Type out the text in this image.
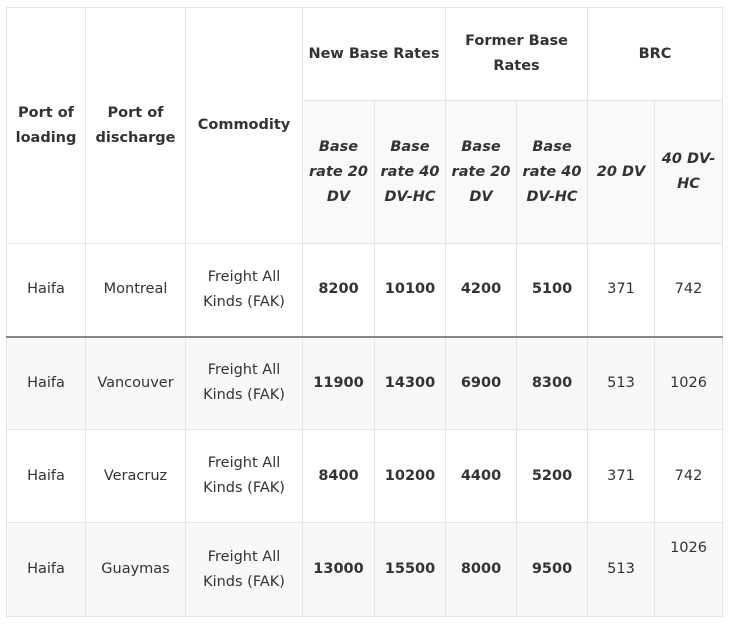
Port of loading	Port of discharge	Commodity	New Base Rates		Former Base Rates		BRC	
			Base rate 20 DV	Base rate 40 DV-HC	Base rate 20 DV	Base rate 40 DV-HC	20 DV	40 DV-HC
Haifa	Montreal	Freight All Kinds (FAK)	8200	10100	4200	5100	371	742
Haifa	Vancouver	Freight All Kinds (FAK)	11900	14300	6900	8300	513	1026
Haifa	Veracruz	Freight All Kinds (FAK)	8400	10200	4400	5200	371	742
Haifa	Guaymas	Freight All Kinds (FAK)	13000	15500	8000	9500	513	1026
